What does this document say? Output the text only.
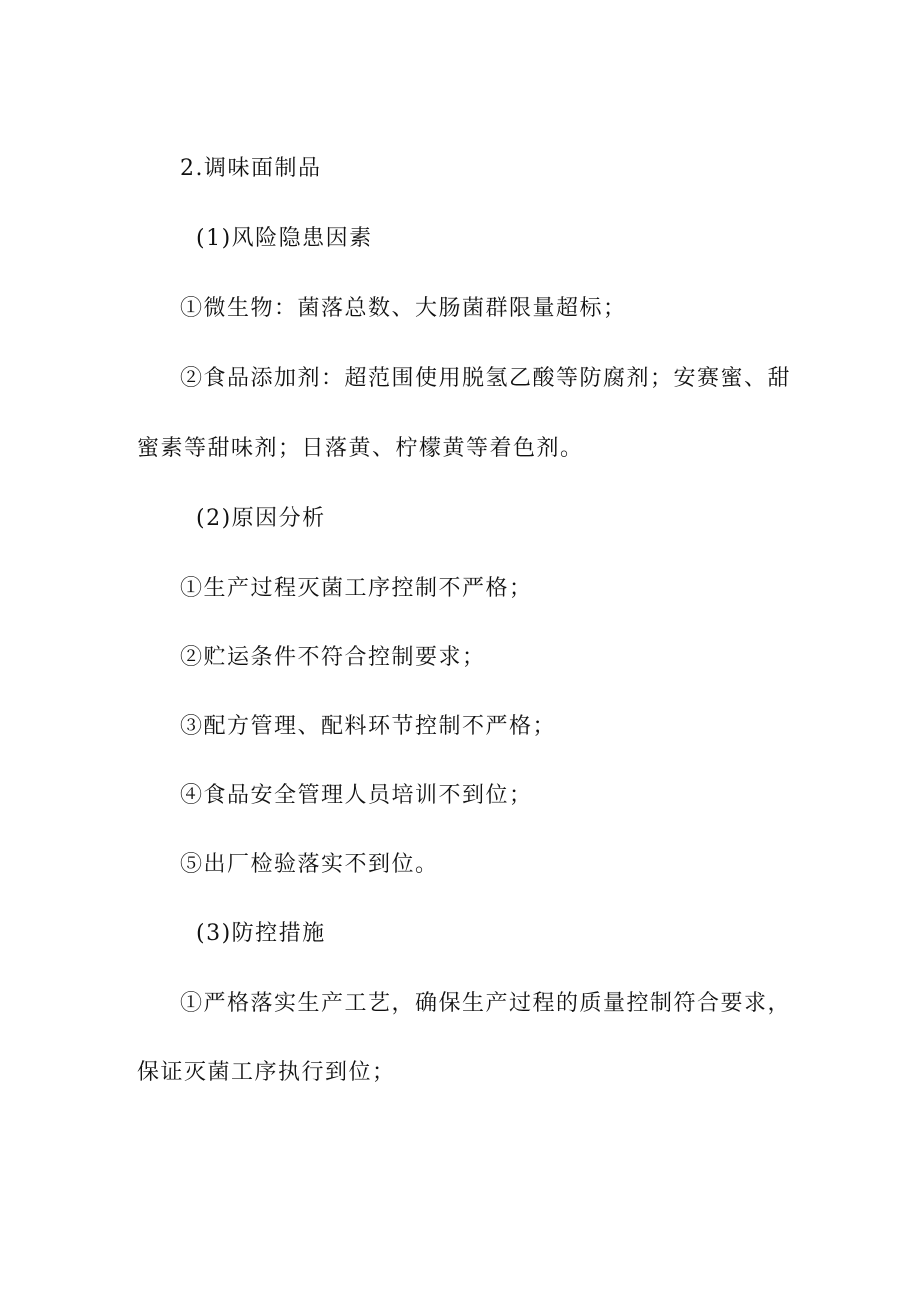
2.调味面制品
(1)风险隐患因素
①微生物：菌落总数、大肠菌群限量超标；
②食品添加剂：超范围使用脱氢乙酸等防腐剂；安赛蜜、甜
蜜素等甜味剂；日落黄、柠檬黄等着色剂。
(2)原因分析
①生产过程灭菌工序控制不严格；
②贮运条件不符合控制要求；
③配方管理、配料环节控制不严格；
④食品安全管理人员培训不到位；
⑤出厂检验落实不到位。
(3)防控措施
①严格落实生产工艺，确保生产过程的质量控制符合要求，
保证灭菌工序执行到位；
